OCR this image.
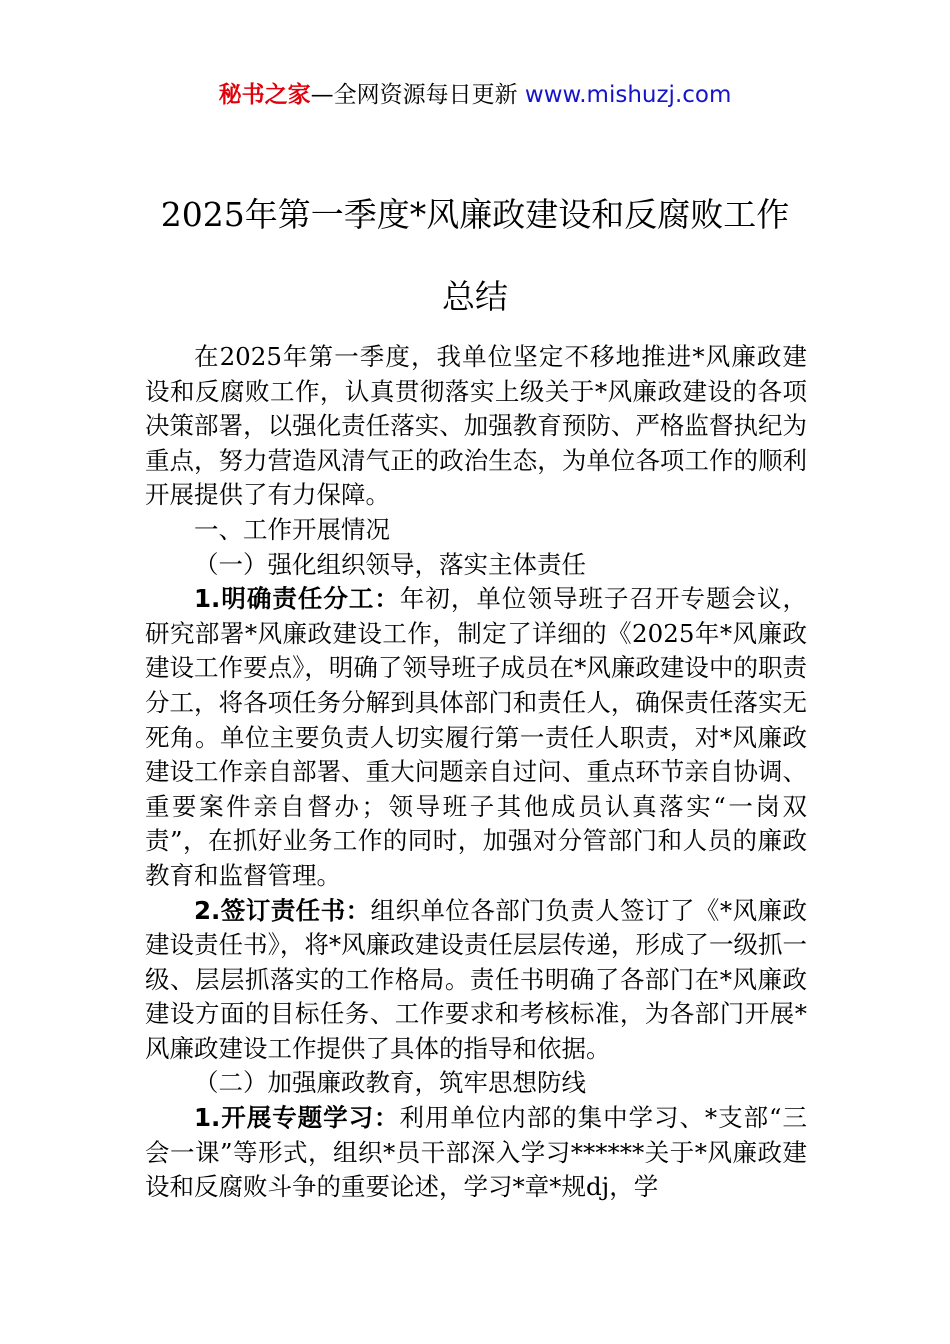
秘书之家—全网资源每日更新 www.mishuzj.com
2025年第一季度*风廉政建设和反腐败工作
总结

在2025年第一季度，我单位坚定不移地推进*风廉政建设和反腐败工作，认真贯彻落实上级关于*风廉政建设的各项决策部署，以强化责任落实、加强教育预防、严格监督执纪为重点，努力营造风清气正的政治生态，为单位各项工作的顺利开展提供了有力保障。

一、工作开展情况

（一）强化组织领导，落实主体责任

1.明确责任分工：年初，单位领导班子召开专题会议，研究部署*风廉政建设工作，制定了详细的《2025年*风廉政建设工作要点》，明确了领导班子成员在*风廉政建设中的职责分工，将各项任务分解到具体部门和责任人，确保责任落实无死角。单位主要负责人切实履行第一责任人职责，对*风廉政建设工作亲自部署、重大问题亲自过问、重点环节亲自协调、重要案件亲自督办；领导班子其他成员认真落实“一岗双责”，在抓好业务工作的同时，加强对分管部门和人员的廉政教育和监督管理。

2.签订责任书：组织单位各部门负责人签订了《*风廉政建设责任书》，将*风廉政建设责任层层传递，形成了一级抓一级、层层抓落实的工作格局。责任书明确了各部门在*风廉政建设方面的目标任务、工作要求和考核标准，为各部门开展*风廉政建设工作提供了具体的指导和依据。

（二）加强廉政教育，筑牢思想防线

1.开展专题学习：利用单位内部的集中学习、*支部“三会一课”等形式，组织*员干部深入学习******关于*风廉政建设和反腐败斗争的重要论述，学习*章*规dj，学
